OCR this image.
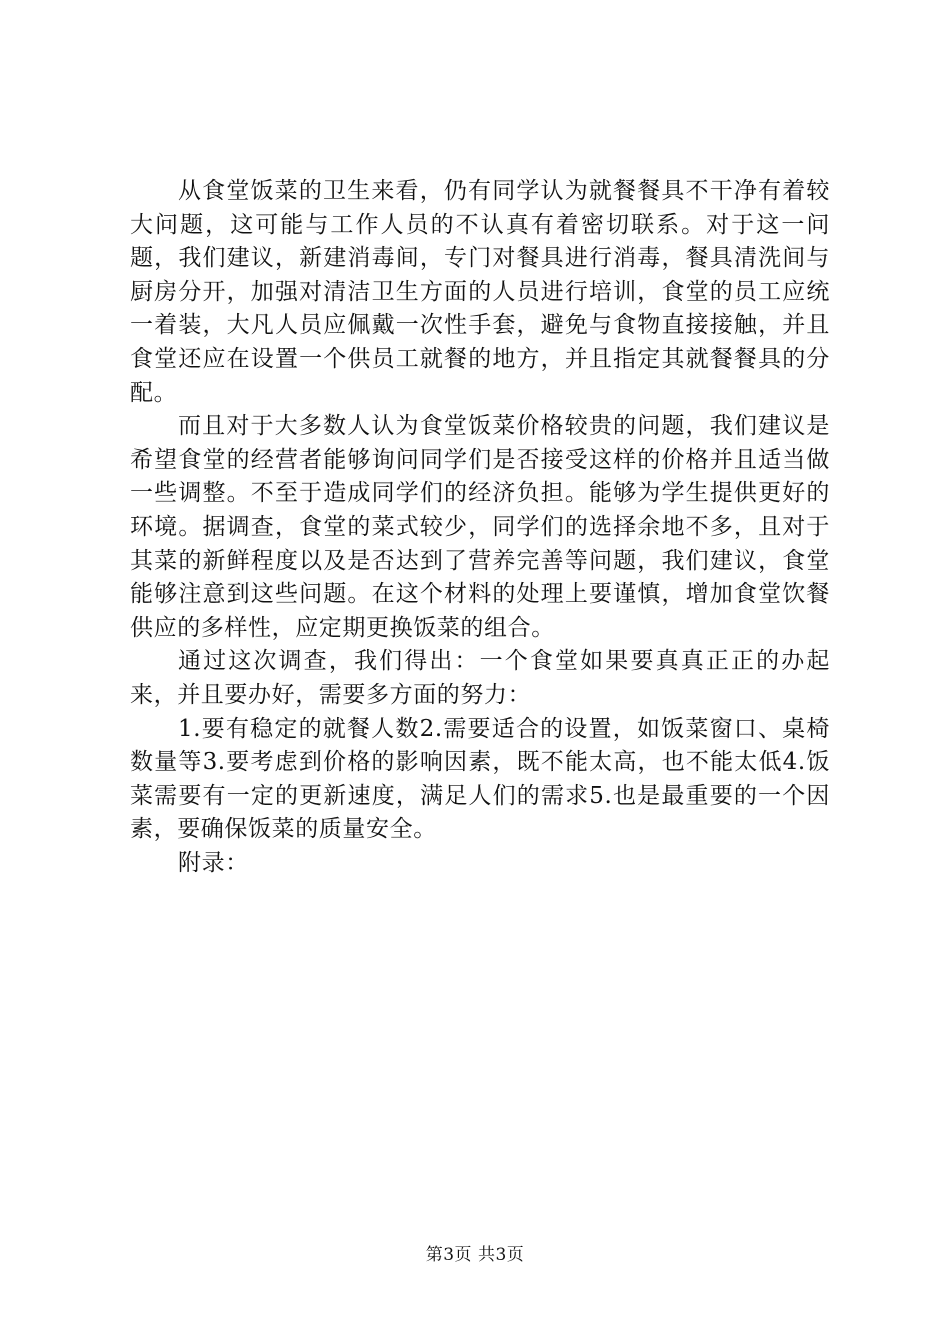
从食堂饭菜的卫生来看，仍有同学认为就餐餐具不干净有着较大问题，这可能与工作人员的不认真有着密切联系。对于这一问题，我们建议，新建消毒间，专门对餐具进行消毒，餐具清洗间与厨房分开，加强对清洁卫生方面的人员进行培训，食堂的员工应统一着装，大凡人员应佩戴一次性手套，避免与食物直接接触，并且食堂还应在设置一个供员工就餐的地方，并且指定其就餐餐具的分配。

而且对于大多数人认为食堂饭菜价格较贵的问题，我们建议是希望食堂的经营者能够询问同学们是否接受这样的价格并且适当做一些调整。不至于造成同学们的经济负担。能够为学生提供更好的环境。据调查，食堂的菜式较少，同学们的选择余地不多，且对于其菜的新鲜程度以及是否达到了营养完善等问题，我们建议，食堂能够注意到这些问题。在这个材料的处理上要谨慎，增加食堂饮餐供应的多样性，应定期更换饭菜的组合。

通过这次调查，我们得出：一个食堂如果要真真正正的办起来，并且要办好，需要多方面的努力：

1.要有稳定的就餐人数2.需要适合的设置，如饭菜窗口、桌椅数量等3.要考虑到价格的影响因素，既不能太高，也不能太低4.饭菜需要有一定的更新速度，满足人们的需求5.也是最重要的一个因素，要确保饭菜的质量安全。

附录：

第3页 共3页
